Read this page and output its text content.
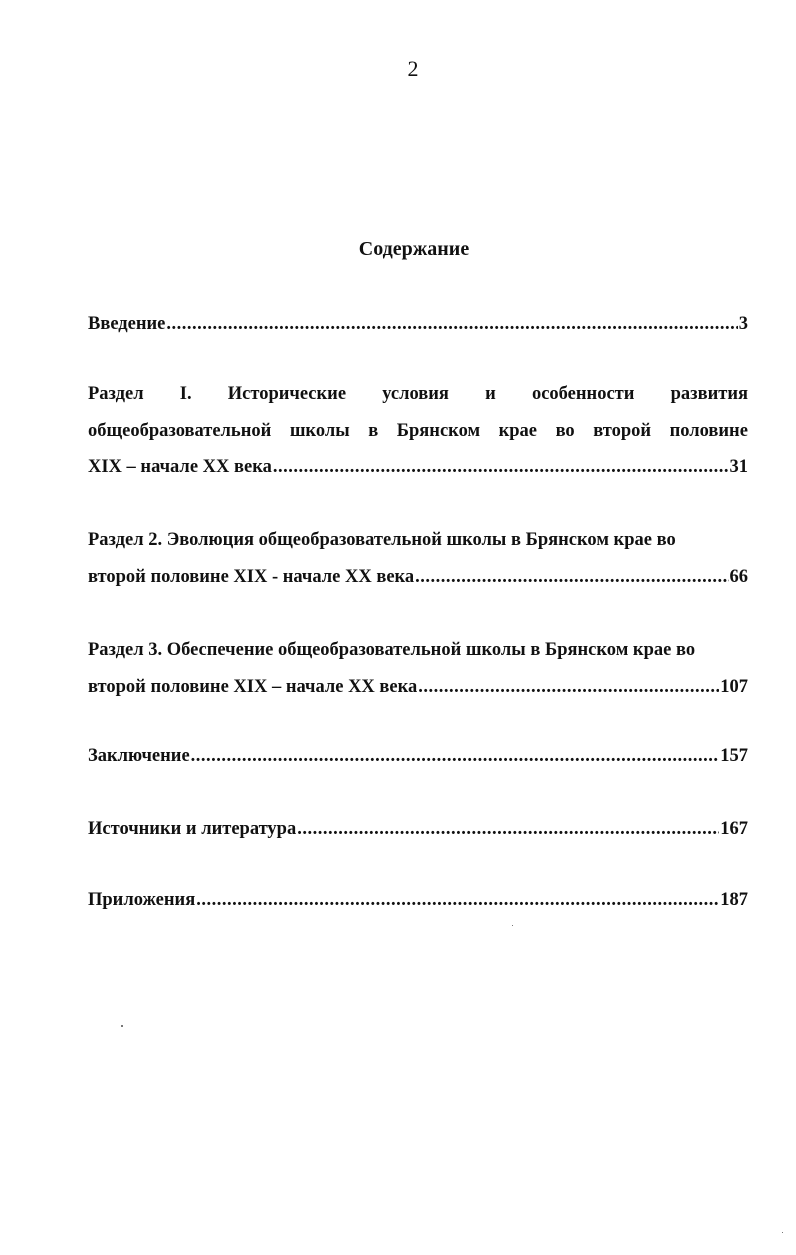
2
Содержание
Введение .....	3
Раздел I. Исторические условия и особенности развития
общеобразовательной школы в Брянском крае во второй половине
XIX – начале XX века .....	31
Раздел 2. Эволюция общеобразовательной школы в Брянском крае во
второй половине XIX - начале XX века .....	66
Раздел 3. Обеспечение общеобразовательной школы в Брянском крае во
второй половине XIX – начале XX века .....	107
Заключение .....	157
Источники и литература .....	167
Приложения .....	187
